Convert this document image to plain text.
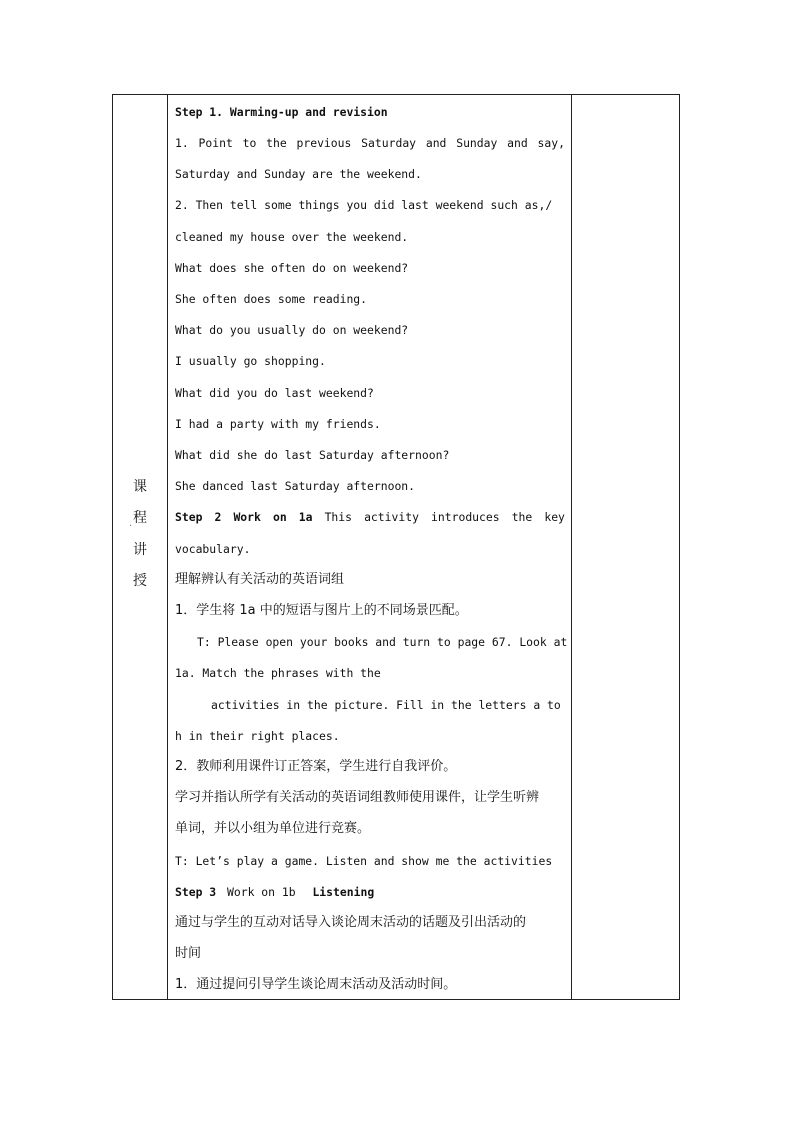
课
. 程
讲
授
Step 1. Warming-up and revision
1. Point to the previous Saturday and Sunday and say,
Saturday and Sunday are the weekend.
2. Then tell some things you did last weekend such as,/
cleaned my house over the weekend.
What does she often do on weekend?
She often does some reading.
What do you usually do on weekend?
I usually go shopping.
What did you do last weekend?
I had a party with my friends.
What did she do last Saturday afternoon?
She danced last Saturday afternoon.
Step 2 Work on 1a This activity introduces the key
vocabulary.
理解辨认有关活动的英语词组
1．学生将 1a 中的短语与图片上的不同场景匹配。
T: Please open your books and turn to page 67. Look at
1a. Match the phrases with the
activities in the picture. Fill in the letters a to
h in their right places.
2．教师利用课件订正答案，学生进行自我评价。
学习并指认所学有关活动的英语词组教师使用课件，让学生听辨
单词，并以小组为单位进行竞赛。
T: Let’s play a game. Listen and show me the activities
Step 3 Work on 1b Listening
通过与学生的互动对话导入谈论周末活动的话题及引出活动的
时间
1．通过提问引导学生谈论周末活动及活动时间。
